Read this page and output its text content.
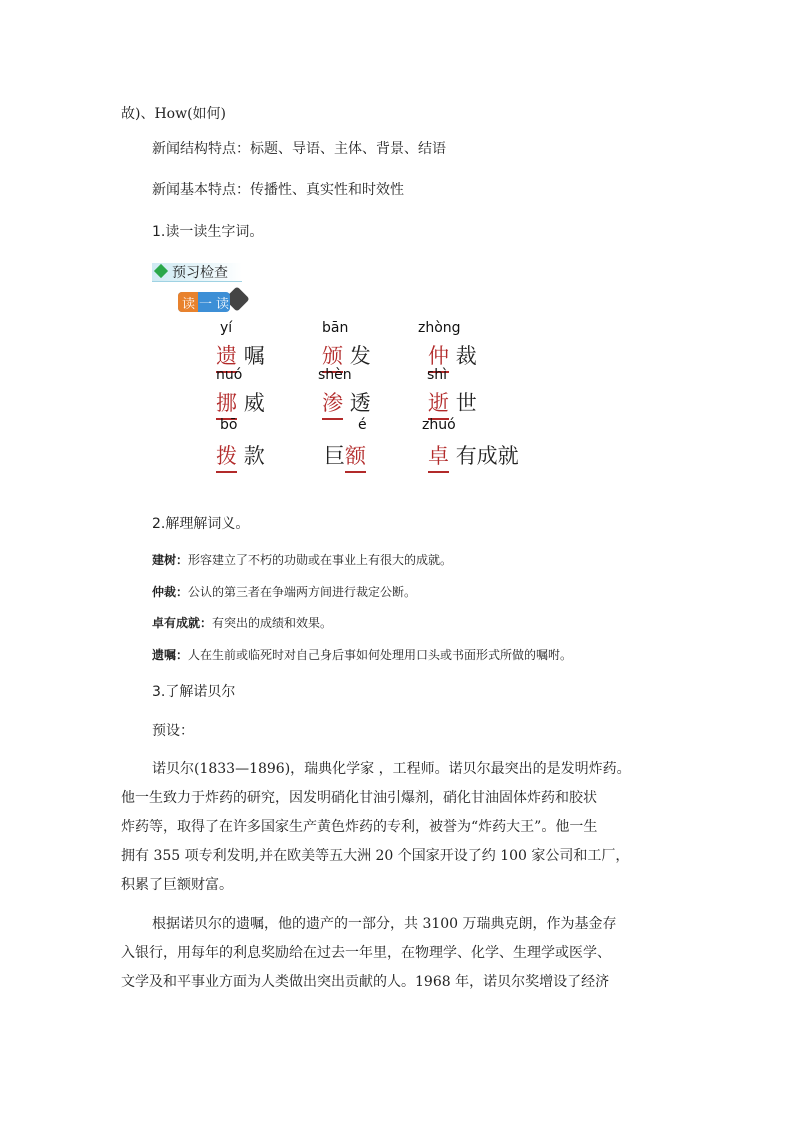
故)、How(如何)
新闻结构特点：标题、导语、主体、背景、结语
新闻基本特点：传播性、真实性和时效性
1.读一读生字词。
预习检查
读一读
yí	bān	zhòng
遗 嘱	颁 发	仲 裁
nuó	shèn	shì
挪 威	渗 透	逝 世
bō	é	zhuó
拨 款	巨额	卓 有成就
2.解理解词义。
建树：形容建立了不朽的功勋或在事业上有很大的成就。
仲裁：公认的第三者在争端两方间进行裁定公断。
卓有成就：有突出的成绩和效果。
遗嘱：人在生前或临死时对自己身后事如何处理用口头或书面形式所做的嘱咐。
3.了解诺贝尔
预设：
诺贝尔(1833—1896)，瑞典化学家 ，工程师。诺贝尔最突出的是发明炸药。
他一生致力于炸药的研究，因发明硝化甘油引爆剂，硝化甘油固体炸药和胶状
炸药等，取得了在许多国家生产黄色炸药的专利，被誉为“炸药大王”。他一生
拥有 355 项专利发明,并在欧美等五大洲 20 个国家开设了约 100 家公司和工厂，
积累了巨额财富。
根据诺贝尔的遗嘱，他的遗产的一部分，共 3100 万瑞典克朗，作为基金存
入银行，用每年的利息奖励给在过去一年里，在物理学、化学、生理学或医学、
文学及和平事业方面为人类做出突出贡献的人。1968 年，诺贝尔奖增设了经济
